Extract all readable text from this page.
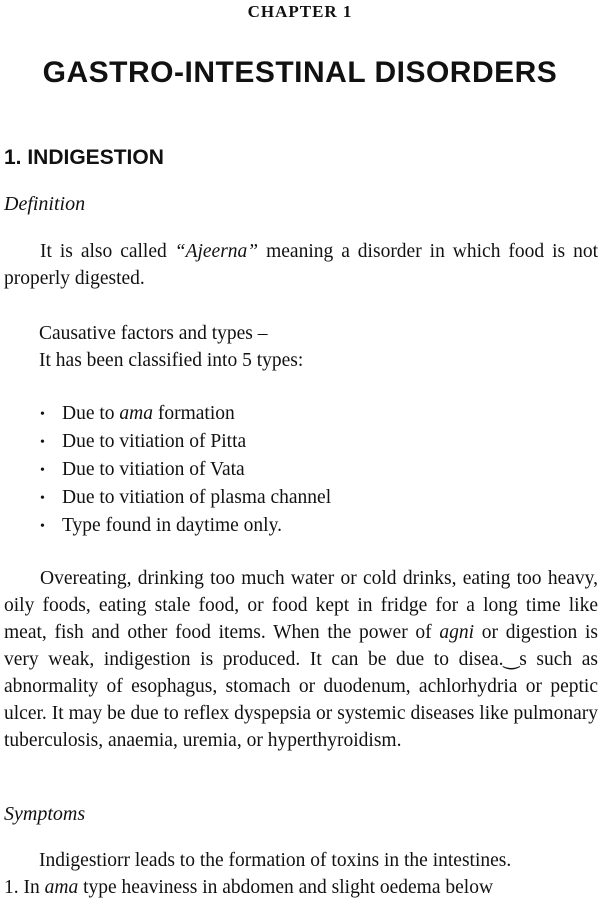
CHAPTER 1
GASTRO-INTESTINAL DISORDERS
1. INDIGESTION
Definition

It is also called “Ajeerna” meaning a disorder in which food is not properly digested.

Causative factors and types –
It has been classified into 5 types:
• Due to ama formation
• Due to vitiation of Pitta
• Due to vitiation of Vata
• Due to vitiation of plasma channel
• Type found in daytime only.

Overeating, drinking too much water or cold drinks, eating too heavy, oily foods, eating stale food, or food kept in fridge for a long time like meat, fish and other food items. When the power of agni or digestion is very weak, indigestion is produced. It can be due to disea.‿s such as abnormality of esophagus, stomach or duodenum, achlorhydria or peptic ulcer. It may be due to reflex dyspepsia or systemic diseases like pulmonary tuberculosis, anaemia, uremia, or hyperthyroidism.

Symptoms
Indigestiorr leads to the formation of toxins in the intestines.
1. In ama type heaviness in abdomen and slight oedema below
